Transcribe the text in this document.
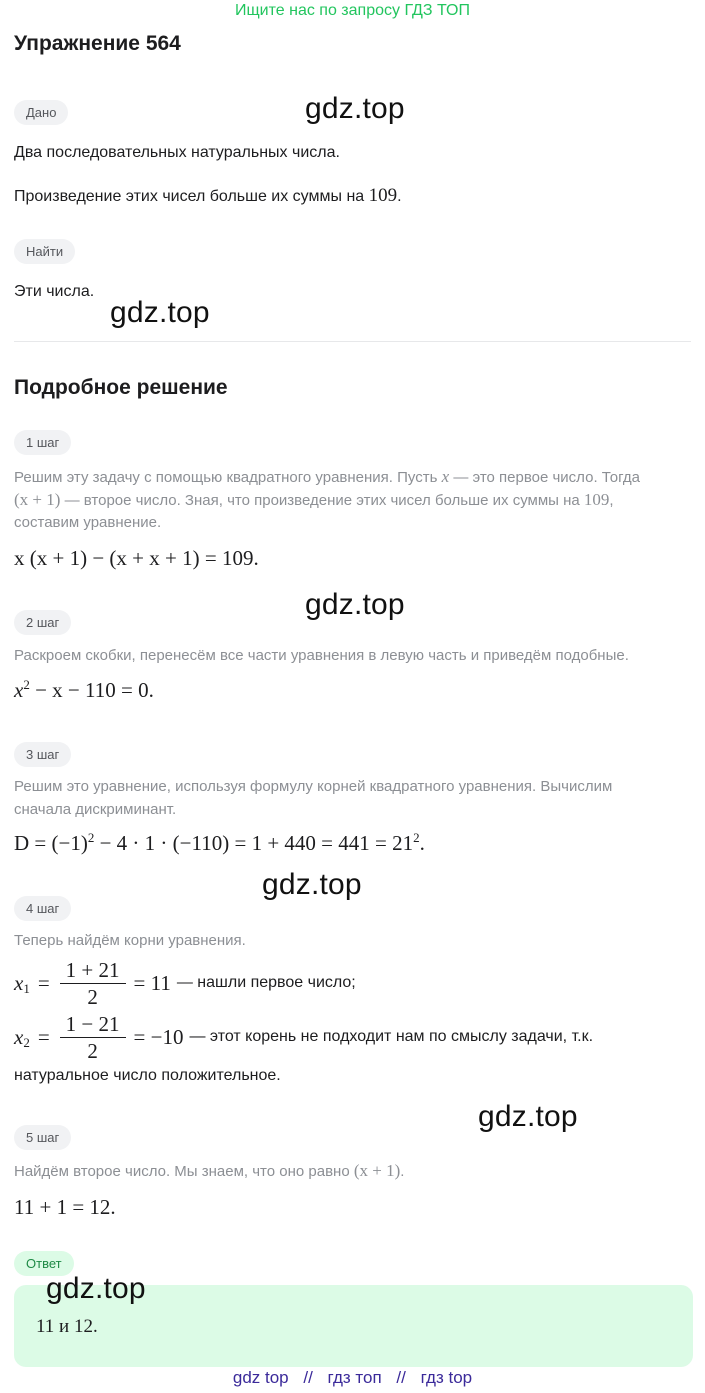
Ищите нас по запросу ГДЗ ТОП
Упражнение 564
Дано	gdz.top
Два последовательных натуральных числа.
Произведение этих чисел больше их суммы на 109.
Найти
Эти числа.
gdz.top
Подробное решение
1 шаг
Решим эту задачу с помощью квадратного уравнения. Пусть x — это первое число. Тогда
(x + 1) — второе число. Зная, что произведение этих чисел больше их суммы на 109,
составим уравнение.
x (x + 1) − (x + x + 1) = 109.
gdz.top
2 шаг
Раскроем скобки, перенесём все части уравнения в левую часть и приведём подобные.
$x^2 - x - 110 = 0$.
3 шаг
Решим это уравнение, используя формулу корней квадратного уравнения. Вычислим
сначала дискриминант.
$D = (-1)^2 - 4 \cdot 1 \cdot (-110) = 1 + 440 = 441 = 21^2$.
gdz.top
4 шаг
Теперь найдём корни уравнения.
$x_1 = \frac{1 + 21}{2} = 11$ — нашли первое число;
$x_2 = \frac{1 - 21}{2} = -10$ — этот корень не подходит нам по смыслу задачи, т.к.
натуральное число положительное.
gdz.top
5 шаг
Найдём второе число. Мы знаем, что оно равно (x + 1).
11 + 1 = 12.
Ответ
gdz.top
11 и 12.
gdz top // гдз топ // гдз top
